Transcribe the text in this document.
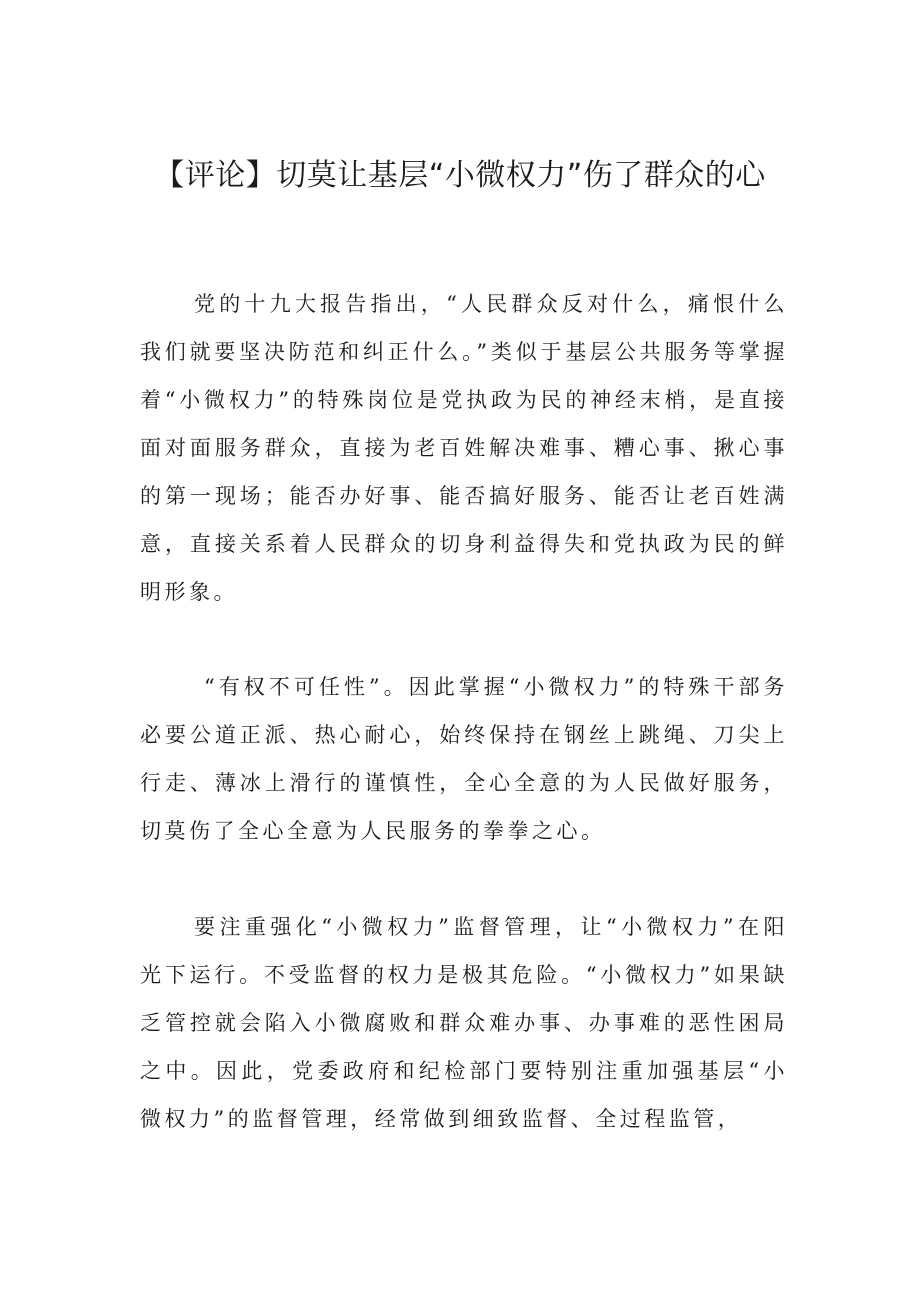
【评论】切莫让基层“小微权力”伤了群众的心

党的十九大报告指出，“人民群众反对什么，痛恨什么我们就要坚决防范和纠正什么。”类似于基层公共服务等掌握着“小微权力”的特殊岗位是党执政为民的神经末梢，是直接面对面服务群众，直接为老百姓解决难事、糟心事、揪心事的第一现场；能否办好事、能否搞好服务、能否让老百姓满意，直接关系着人民群众的切身利益得失和党执政为民的鲜明形象。

“有权不可任性”。因此掌握“小微权力”的特殊干部务必要公道正派、热心耐心，始终保持在钢丝上跳绳、刀尖上行走、薄冰上滑行的谨慎性，全心全意的为人民做好服务，切莫伤了全心全意为人民服务的拳拳之心。

要注重强化“小微权力”监督管理，让“小微权力”在阳光下运行。不受监督的权力是极其危险。“小微权力”如果缺乏管控就会陷入小微腐败和群众难办事、办事难的恶性困局之中。因此，党委政府和纪检部门要特别注重加强基层“小微权力”的监督管理，经常做到细致监督、全过程监管，
